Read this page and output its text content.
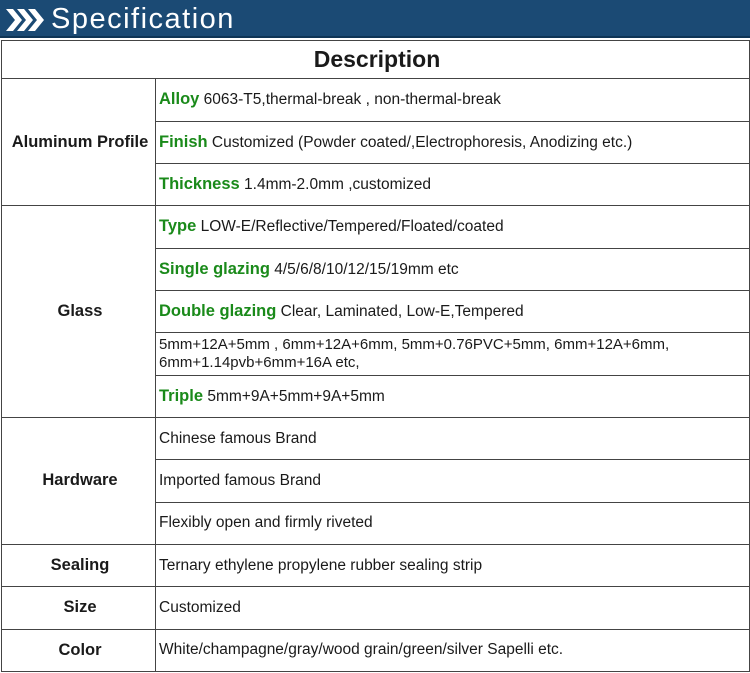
Specification
Description	
Aluminum Profile	Alloy 6063-T5,thermal-break , non-thermal-break
	Finish Customized (Powder coated/,Electrophoresis, Anodizing etc.)
	Thickness 1.4mm-2.0mm ,customized
Glass	Type LOW-E/Reflective/Tempered/Floated/coated
	Single glazing 4/5/6/8/10/12/15/19mm etc
	Double glazing Clear, Laminated, Low-E,Tempered
	5mm+12A+5mm , 6mm+12A+6mm, 5mm+0.76PVC+5mm, 6mm+12A+6mm, 6mm+1.14pvb+6mm+16A etc,
	Triple 5mm+9A+5mm+9A+5mm
Hardware	Chinese famous Brand
	Imported famous Brand
	Flexibly open and firmly riveted
Sealing	Ternary ethylene propylene rubber sealing strip
Size	Customized
Color	White/champagne/gray/wood grain/green/silver Sapelli etc.
